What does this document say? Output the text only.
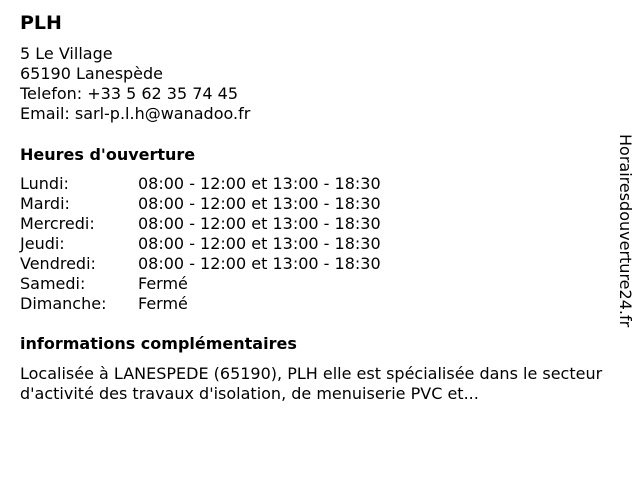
PLH
5 Le Village
65190 Lanespède
Telefon: +33 5 62 35 74 45
Email: sarl-p.l.h@wanadoo.fr
Heures d'ouverture
Lundi:	08:00 - 12:00 et 13:00 - 18:30
Mardi:	08:00 - 12:00 et 13:00 - 18:30
Mercredi:	08:00 - 12:00 et 13:00 - 18:30
Jeudi:	08:00 - 12:00 et 13:00 - 18:30
Vendredi:	08:00 - 12:00 et 13:00 - 18:30
Samedi:	Fermé
Dimanche:	Fermé
informations complémentaires
Localisée à LANESPEDE (65190), PLH elle est spécialisée dans le secteur d'activité des travaux d'isolation, de menuiserie PVC et...
Horairesdouverture24.fr
